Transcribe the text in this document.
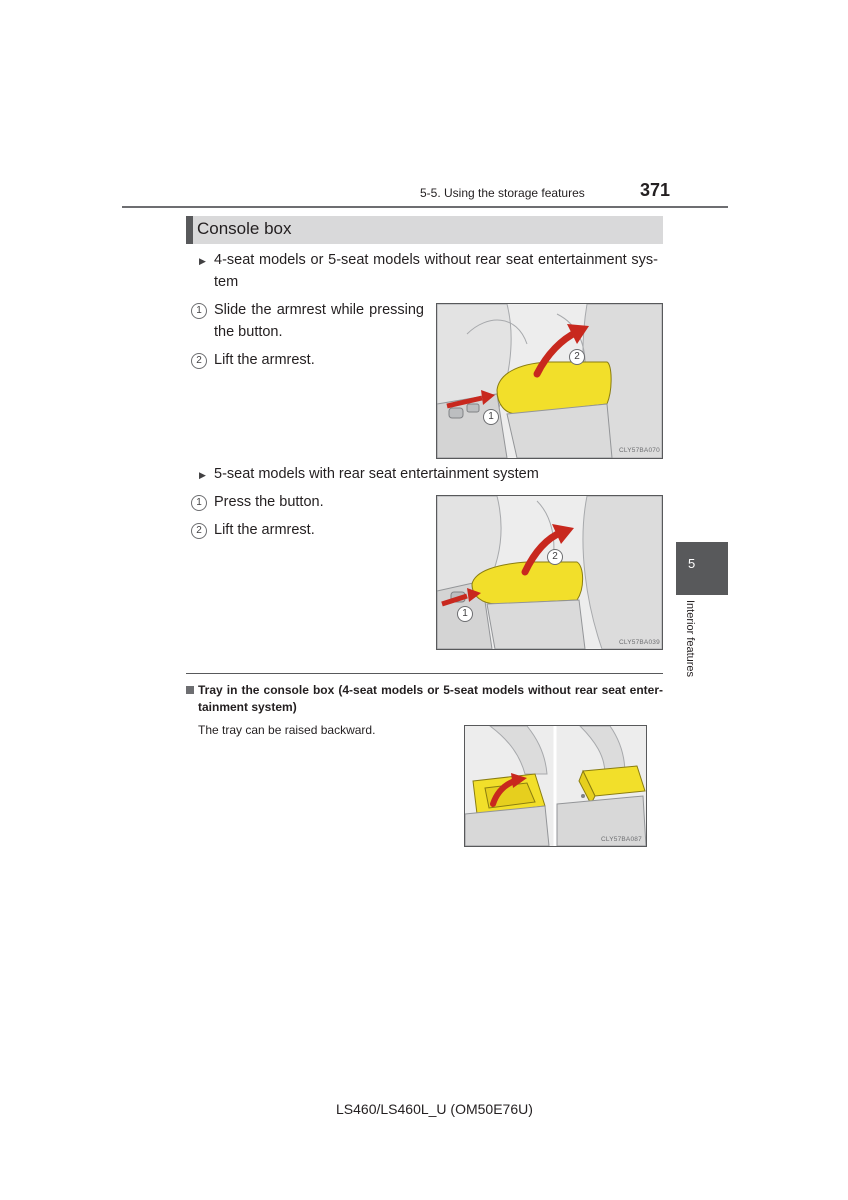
5-5. Using the storage features	371
Console box
▶ 4-seat models or 5-seat models without rear seat entertainment sys-
tem
1 Slide the armrest while pressing
the button.
2 Lift the armrest.
1
2
CLY57BA070
▶ 5-seat models with rear seat entertainment system
1 Press the button.
2 Lift the armrest.
1
2
CLY57BA039
5
Interior features
Tray in the console box (4-seat models or 5-seat models without rear seat enter-
tainment system)
The tray can be raised backward.
CLY57BA087
LS460/LS460L_U (OM50E76U)
